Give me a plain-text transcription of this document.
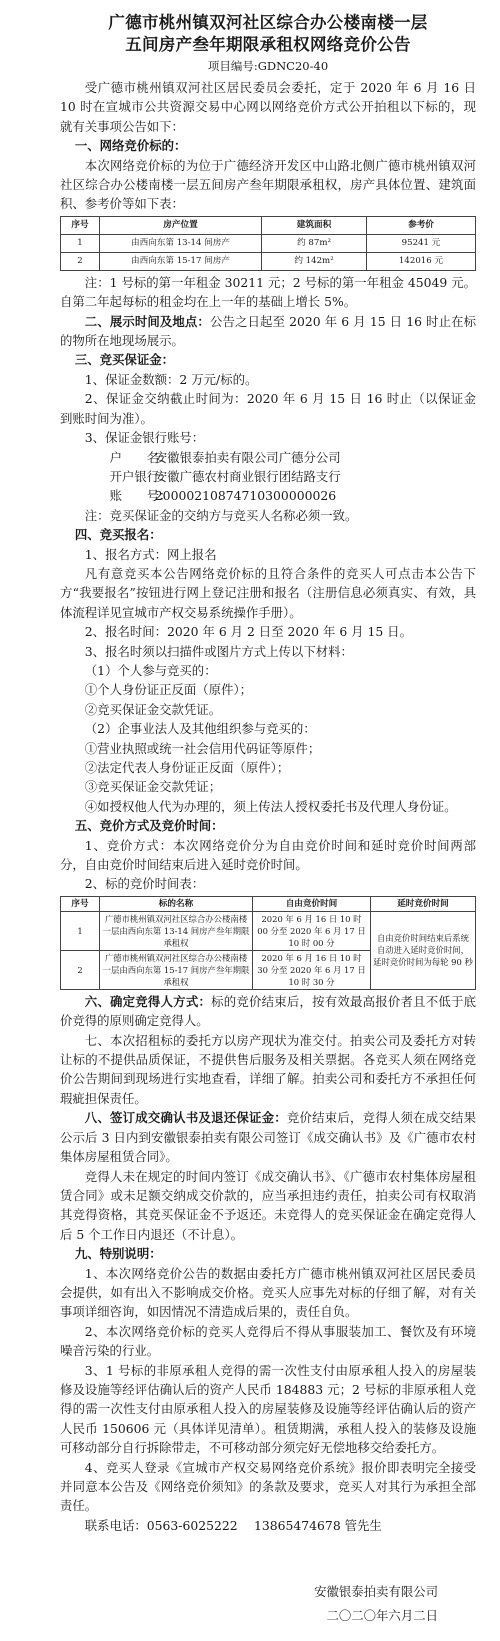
广德市桃州镇双河社区综合办公楼南楼一层
五间房产叁年期限承租权网络竞价公告
项目编号:GDNC20-40

受广德市桃州镇双河社区居民委员会委托，定于 2020 年 6 月 16 日 10 时在宣城市公共资源交易中心网以网络竞价方式公开拍租以下标的，现就有关事项公告如下：

一、网络竞价标的：

本次网络竞价标的为位于广德经济开发区中山路北侧广德市桃州镇双河社区综合办公楼南楼一层五间房产叁年期限承租权，房产具体位置、建筑面积、参考价等如下表：

序号	房产位置	建筑面积	参考价
1	由西向东第 13-14 间房产	约 87m²	95241 元
2	由西向东第 15-17 间房产	约 142m²	142016 元

注：1 号标的第一年租金 30211 元；2 号标的第一年租金 45049 元。自第二年起每标的租金均在上一年的基础上增长 5%。

二、展示时间及地点：公告之日起至 2020 年 6 月 15 日 16 时止在标的物所在地现场展示。

三、竞买保证金：

1、保证金数额：2 万元/标的。

2、保证金交纳截止时间为：2020 年 6 月 15 日 16 时止（以保证金到账时间为准）。

3、保证金银行账号：

户　　名：安徽银泰拍卖有限公司广德分公司

开户银行：安徽广德农村商业银行团结路支行

账　　号：20000210874710300000026

注：竞买保证金的交纳方与竞买人名称必须一致。

四、竞买报名：

1、报名方式：网上报名

凡有意竞买本公告网络竞价标的且符合条件的竞买人可点击本公告下方“我要报名”按钮进行网上登记注册和报名（注册信息必须真实、有效，具体流程详见宣城市产权交易系统操作手册）。

2、报名时间：2020 年 6 月 2 日至 2020 年 6 月 15 日。

3、报名时须以扫描件或图片方式上传以下材料：

（1）个人参与竞买的：

①个人身份证正反面（原件）；

②竞买保证金交款凭证。

（2）企事业法人及其他组织参与竞买的：

①营业执照或统一社会信用代码证等原件；

②法定代表人身份证正反面（原件）；

③竞买保证金交款凭证；

④如授权他人代为办理的，须上传法人授权委托书及代理人身份证。

五、竞价方式及竞价时间：

1、竞价方式：本次网络竞价分为自由竞价时间和延时竞价时间两部分，自由竞价时间结束后进入延时竞价时间。

2、标的竞价时间表：

序号	标的名称	自由竞价时间	延时竞价时间
1	广德市桃州镇双河社区综合办公楼南楼一层由西向东第 13-14 间房产叁年期限承租权	2020 年 6 月 16 日 10 时 00 分至 2020 年 6 月 17 日 10 时 00 分	自由竞价时间结束后系统自动进入延时竞价时间，延时竞价时间为每轮 90 秒
2	广德市桃州镇双河社区综合办公楼南楼一层由西向东第 15-17 间房产叁年期限承租权	2020 年 6 月 16 日 10 时 30 分至 2020 年 6 月 17 日 10 时 30 分	

六、确定竞得人方式：标的竞价结束后，按有效最高报价者且不低于底价竞得的原则确定竞得人。

七、本次招租标的委托方以房产现状为准交付。拍卖公司及委托方对转让标的不提供品质保证，不提供售后服务及相关票据。各竞买人须在网络竞价公告期间到现场进行实地查看，详细了解。拍卖公司和委托方不承担任何瑕疵担保责任。

八、签订成交确认书及退还保证金：竞价结束后，竞得人须在成交结果公示后 3 日内到安徽银泰拍卖有限公司签订《成交确认书》及《广德市农村集体房屋租赁合同》。

竞得人未在规定的时间内签订《成交确认书》、《广德市农村集体房屋租赁合同》或未足额交纳成交价款的，应当承担违约责任，拍卖公司有权取消其竞得资格，其竞买保证金不予返还。未竞得人的竞买保证金在确定竞得人后 5 个工作日内退还（不计息）。

九、特别说明：

1、本次网络竞价公告的数据由委托方广德市桃州镇双河社区居民委员会提供，如有出入不影响成交价格。竞买人应事先对标的仔细了解，对有关事项详细咨询，如因情况不清造成后果的，责任自负。

2、本次网络竞价标的竞买人竞得后不得从事服装加工、餐饮及有环境噪音污染的行业。

3、1 号标的非原承租人竞得的需一次性支付由原承租人投入的房屋装修及设施等经评估确认后的资产人民币 184883 元；2 号标的非原承租人竞得的需一次性支付由原承租人投入的房屋装修及设施等经评估确认后的资产人民币 150606 元（具体详见清单）。租赁期满，承租人投入的装修及设施可移动部分自行拆除带走，不可移动部分须完好无偿地移交给委托方。

4、竞买人登录《宣城市产权交易网络竞价系统》报价即表明完全接受并同意本公告及《网络竞价须知》的条款及要求，竞买人对其行为承担全部责任。

联系电话：0563-6025222　 13865474678 管先生

安徽银泰拍卖有限公司
二〇二〇年六月二日
